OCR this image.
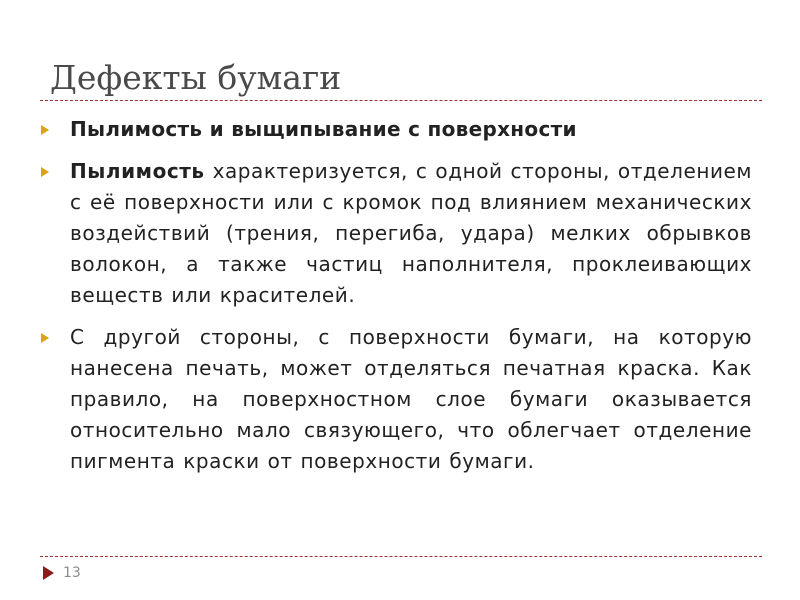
Дефекты бумаги
Пылимость и выщипывание с поверхности
Пылимость характеризуется, с одной стороны, отделением с её поверхности или с кромок под влиянием механических воздействий (трения, перегиба, удара) мелких обрывков волокон, а также частиц наполнителя, проклеивающих веществ или красителей.
С другой стороны, с поверхности бумаги, на которую нанесена печать, может отделяться печатная краска. Как правило, на поверхностном слое бумаги оказывается относительно мало связующего, что облегчает отделение пигмента краски от поверхности бумаги.
13
